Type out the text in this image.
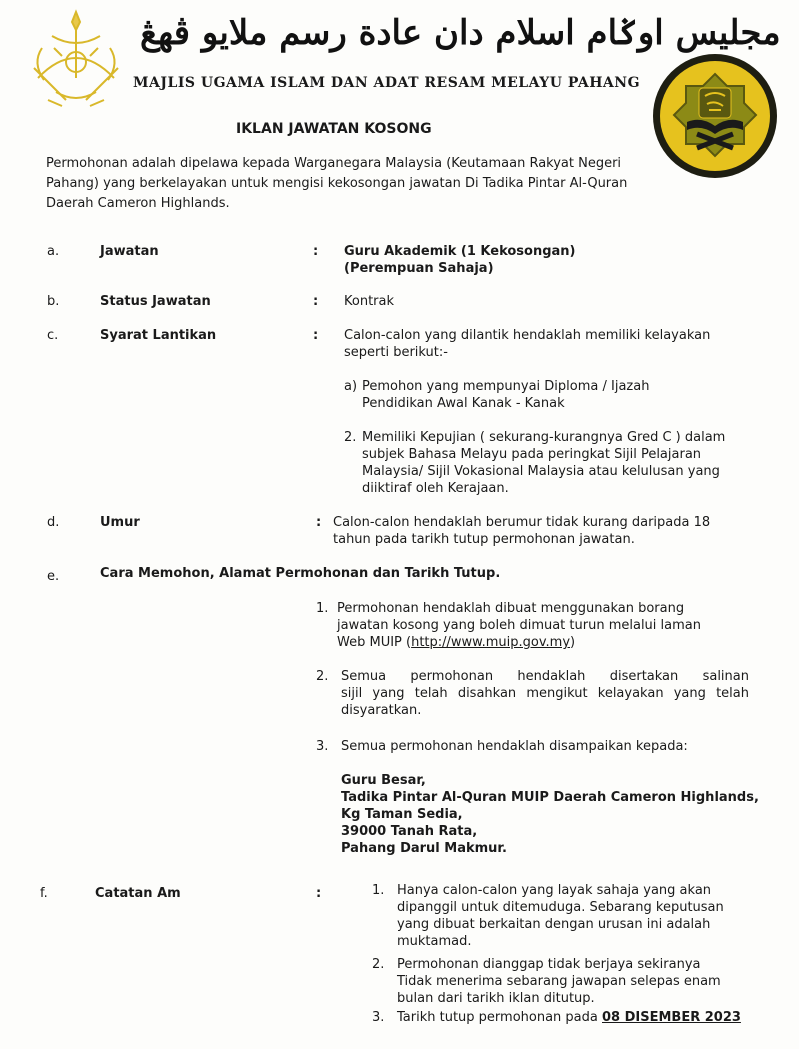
مجليس اوݢام اسلام دان عادة رسم ملايو ڤهڠ
MAJLIS UGAMA ISLAM DAN ADAT RESAM MELAYU PAHANG
IKLAN JAWATAN KOSONG
Permohonan adalah dipelawa kepada Warganegara Malaysia (Keutamaan Rakyat Negeri
Pahang) yang berkelayakan untuk mengisi kekosongan jawatan Di Tadika Pintar Al-Quran
Daerah Cameron Highlands.
a.	Jawatan	: Guru Akademik (1 Kekosongan)
(Perempuan Sahaja)
b.	Status Jawatan	: Kontrak
c.	Syarat Lantikan	: Calon-calon yang dilantik hendaklah memiliki kelayakan
seperti berikut:-
a) Pemohon yang mempunyai Diploma / Ijazah
Pendidikan Awal Kanak - Kanak
2. Memiliki Kepujian ( sekurang-kurangnya Gred C ) dalam
subjek Bahasa Melayu pada peringkat Sijil Pelajaran
Malaysia/ Sijil Vokasional Malaysia atau kelulusan yang
diiktiraf oleh Kerajaan.
d.	Umur	: Calon-calon hendaklah berumur tidak kurang daripada 18
tahun pada tarikh tutup permohonan jawatan.
e.	Cara Memohon, Alamat Permohonan dan Tarikh Tutup.
1. Permohonan hendaklah dibuat menggunakan borang
jawatan kosong yang boleh dimuat turun melalui laman
Web MUIP (http://www.muip.gov.my)
2. Semua permohonan hendaklah disertakan salinan
sijil yang telah disahkan mengikut kelayakan yang telah
disyaratkan.
3. Semua permohonan hendaklah disampaikan kepada:
Guru Besar,
Tadika Pintar Al-Quran MUIP Daerah Cameron Highlands,
Kg Taman Sedia,
39000 Tanah Rata,
Pahang Darul Makmur.
f.	Catatan Am	:	1. Hanya calon-calon yang layak sahaja yang akan
dipanggil untuk ditemuduga. Sebarang keputusan
yang dibuat berkaitan dengan urusan ini adalah
muktamad.
2. Permohonan dianggap tidak berjaya sekiranya
Tidak menerima sebarang jawapan selepas enam
bulan dari tarikh iklan ditutup.
3. Tarikh tutup permohonan pada 08 DISEMBER 2023
